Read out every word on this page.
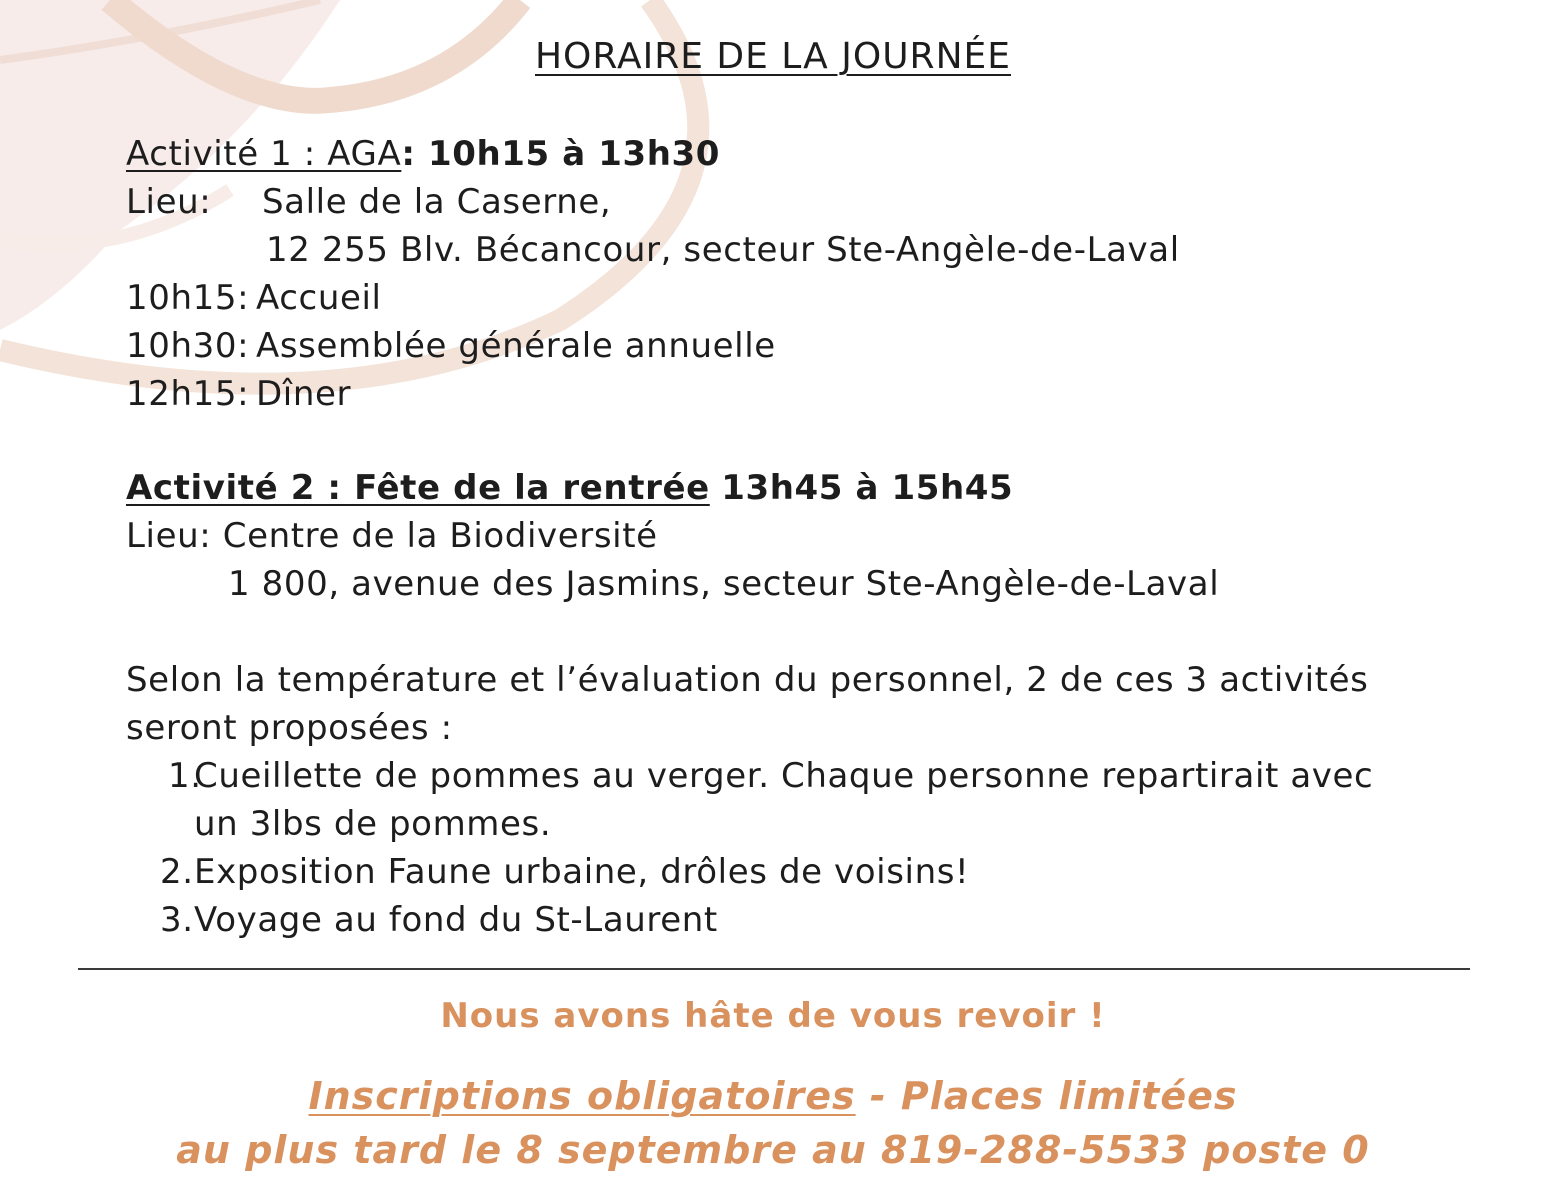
HORAIRE DE LA JOURNÉE
Activité 1 : AGA: 10h15 à 13h30
Lieu: Salle de la Caserne,
12 255 Blv. Bécancour, secteur Ste-Angèle-de-Laval
10h15: Accueil
10h30: Assemblée générale annuelle
12h15: Dîner
Activité 2 : Fête de la rentrée 13h45 à 15h45
Lieu: Centre de la Biodiversité
1 800, avenue des Jasmins, secteur Ste-Angèle-de-Laval
Selon la température et l’évaluation du personnel, 2 de ces 3 activités
seront proposées :
1.
Cueillette de pommes au verger. Chaque personne repartirait avec
un 3lbs de pommes.
2. Exposition Faune urbaine, drôles de voisins!
3. Voyage au fond du St-Laurent
Nous avons hâte de vous revoir !
Inscriptions obligatoires - Places limitées
au plus tard le 8 septembre au 819-288-5533 poste 0
